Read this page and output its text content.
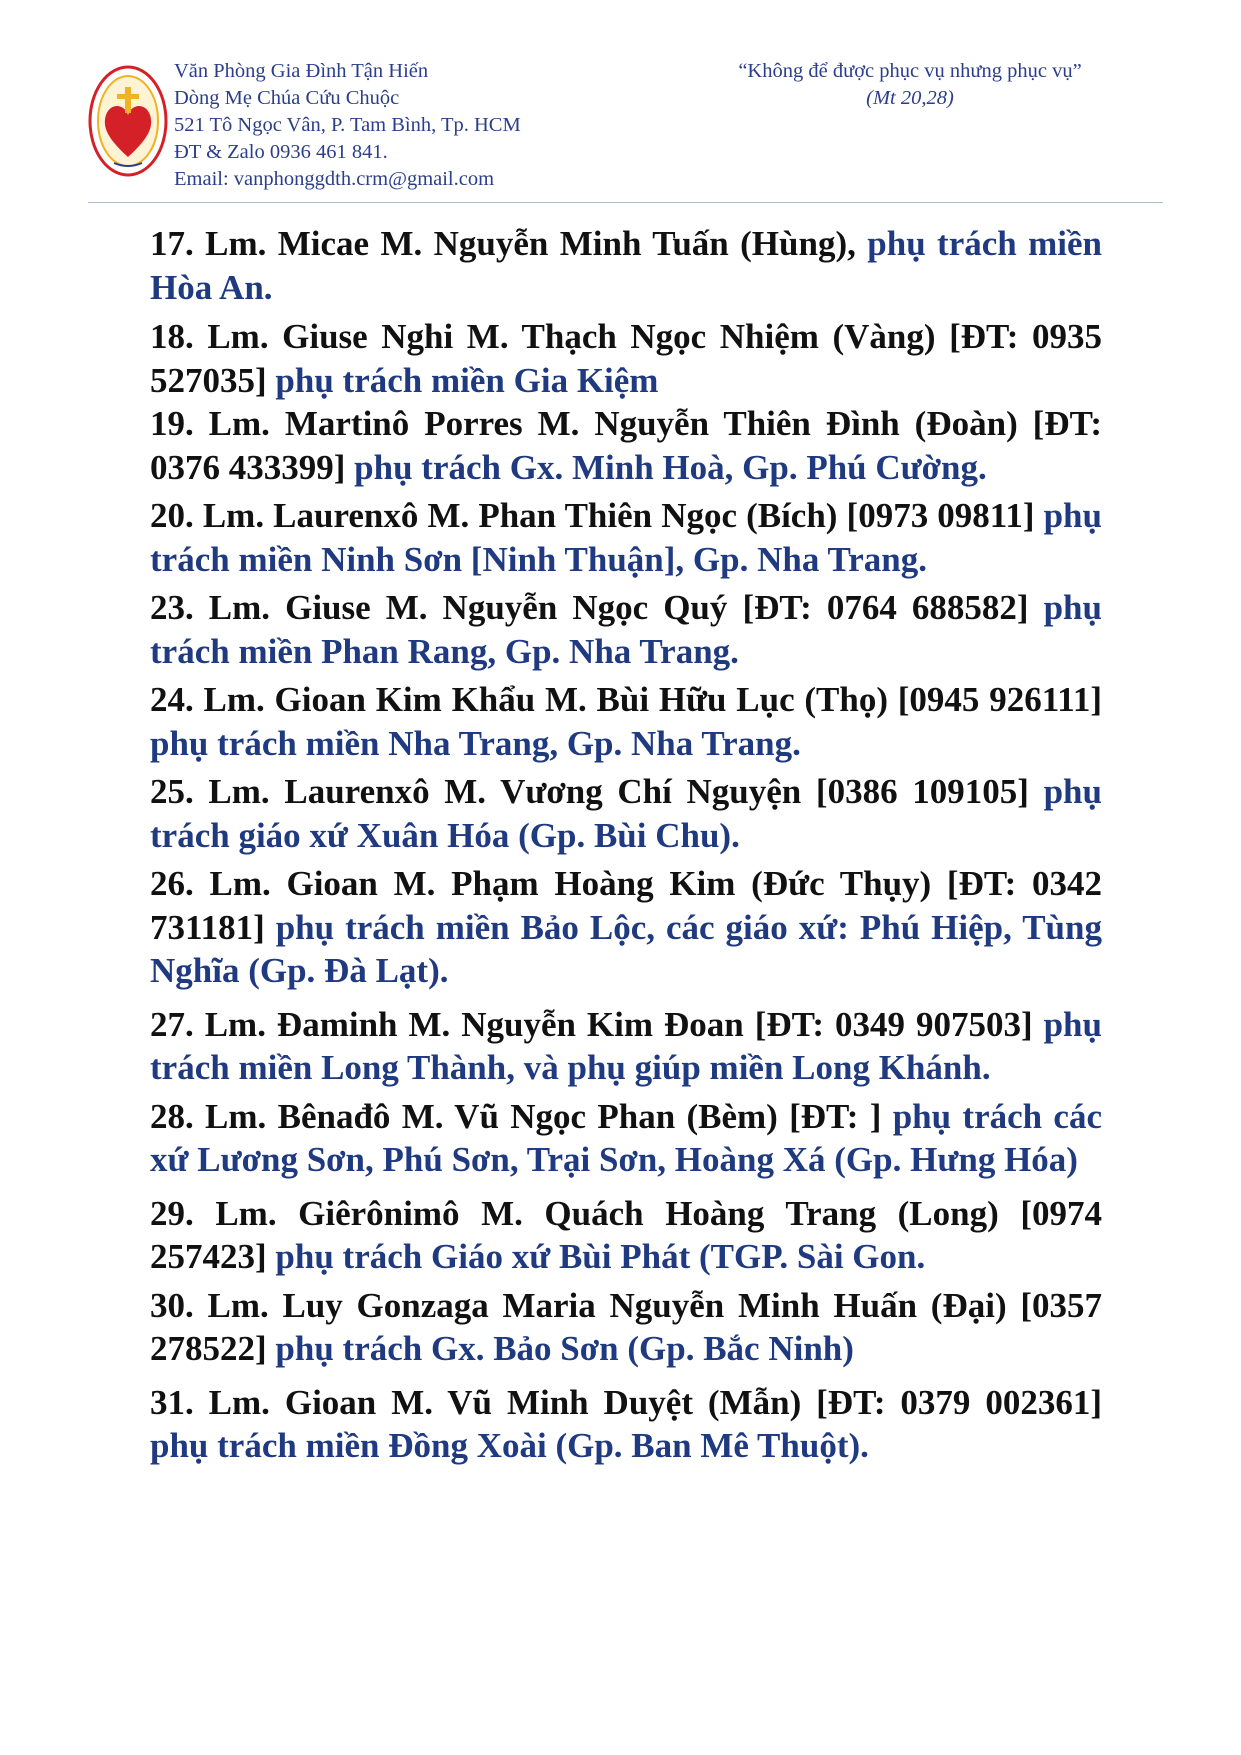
Văn Phòng Gia Đình Tận Hiến
Dòng Mẹ Chúa Cứu Chuộc
521 Tô Ngọc Vân, P. Tam Bình, Tp. HCM
ĐT & Zalo 0936 461 841.
Email: vanphonggdth.crm@gmail.com
“Không để được phục vụ nhưng phục vụ”
(Mt 20,28)

17. Lm. Micae M. Nguyễn Minh Tuấn (Hùng), phụ trách miền Hòa An.

18. Lm. Giuse Nghi M. Thạch Ngọc Nhiệm (Vàng) [ĐT: 0935 527035] phụ trách miền Gia Kiệm

19. Lm. Martinô Porres M. Nguyễn Thiên Đình (Đoàn) [ĐT: 0376 433399] phụ trách Gx. Minh Hoà, Gp. Phú Cường.

20. Lm. Laurenxô M. Phan Thiên Ngọc (Bích) [0973 09811] phụ trách miền Ninh Sơn [Ninh Thuận], Gp. Nha Trang.

23. Lm. Giuse M. Nguyễn Ngọc Quý [ĐT: 0764 688582] phụ trách miền Phan Rang, Gp. Nha Trang.

24. Lm. Gioan Kim Khẩu M. Bùi Hữu Lục (Thọ) [0945 926111] phụ trách miền Nha Trang, Gp. Nha Trang.

25. Lm. Laurenxô M. Vương Chí Nguyện [0386 109105] phụ trách giáo xứ Xuân Hóa (Gp. Bùi Chu).

26. Lm. Gioan M. Phạm Hoàng Kim (Đức Thụy) [ĐT: 0342 731181] phụ trách miền Bảo Lộc, các giáo xứ: Phú Hiệp, Tùng Nghĩa (Gp. Đà Lạt).

27. Lm. Đaminh M. Nguyễn Kim Đoan [ĐT: 0349 907503] phụ trách miền Long Thành, và phụ giúp miền Long Khánh.

28. Lm. Bênađô M. Vũ Ngọc Phan (Bèm) [ĐT: ] phụ trách các xứ Lương Sơn, Phú Sơn, Trại Sơn, Hoàng Xá (Gp. Hưng Hóa)

29. Lm. Giêrônimô M. Quách Hoàng Trang (Long) [0974 257423] phụ trách Giáo xứ Bùi Phát (TGP. Sài Gon.

30. Lm. Luy Gonzaga Maria Nguyễn Minh Huấn (Đại) [0357 278522] phụ trách Gx. Bảo Sơn (Gp. Bắc Ninh)

31. Lm. Gioan M. Vũ Minh Duyệt (Mẫn) [ĐT: 0379 002361] phụ trách miền Đồng Xoài (Gp. Ban Mê Thuột).
